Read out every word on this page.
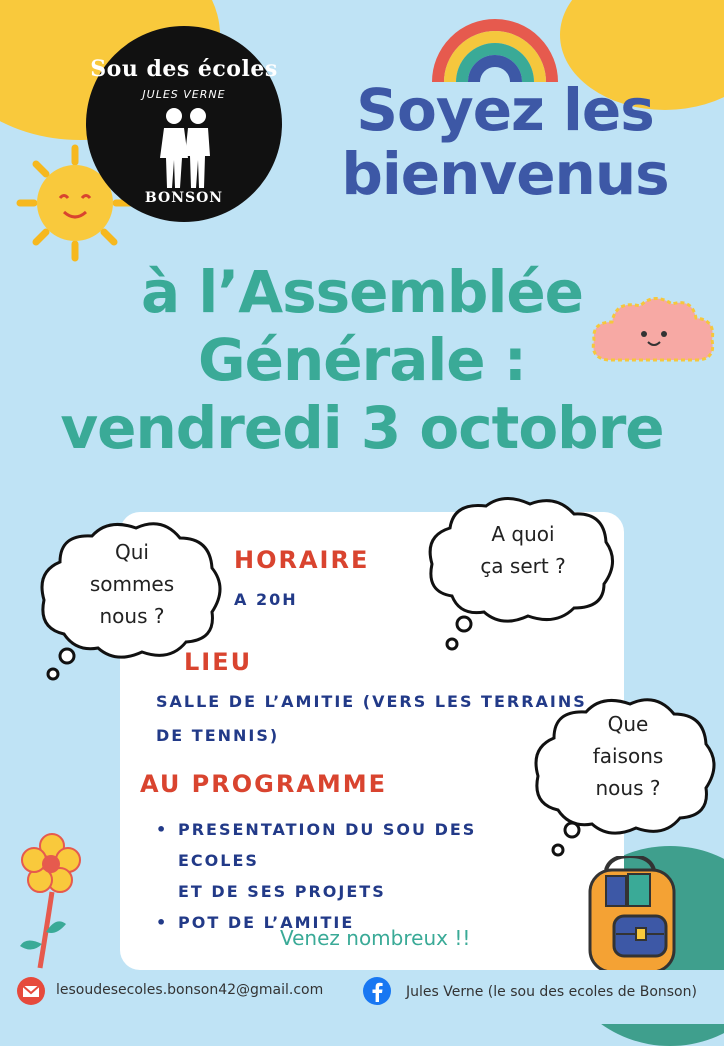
Sou des écoles
JULES VERNE
BONSON
Soyez les
bienvenus
à l’Assemblée
Générale :
vendredi 3 octobre
HORAIRE
A 20H
LIEU
SALLE DE L’AMITIE (VERS LES TERRAINS
DE TENNIS)
AU PROGRAMME
• PRESENTATION DU SOU DES ECOLES
ET DE SES PROJETS
• POT DE L’AMITIE
Venez nombreux !!
Qui
sommes
nous ?
A quoi
ça sert ?
Que
faisons
nous ?
lesoudesecoles.bonson42@gmail.com	Jules Verne (le sou des ecoles de Bonson)
